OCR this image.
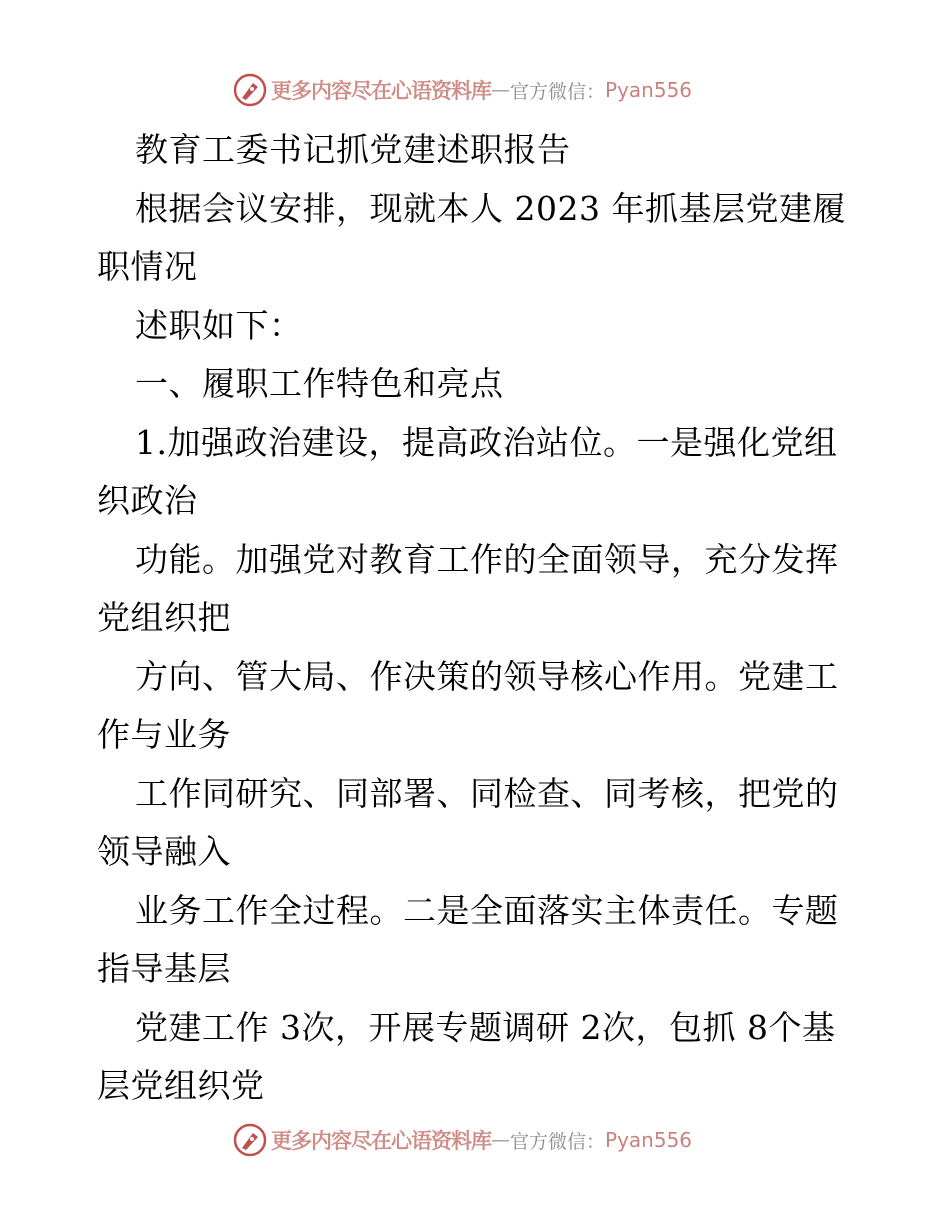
更多内容尽在心语资料库 — 官方微信： Pyan556

教育工委书记抓党建述职报告

根据会议安排，现就本人 2023 年抓基层党建履职情况

述职如下：

一、履职工作特色和亮点

1.加强政治建设，提高政治站位。一是强化党组织政治

功能。加强党对教育工作的全面领导，充分发挥党组织把

方向、管大局、作决策的领导核心作用。党建工作与业务

工作同研究、同部署、同检查、同考核，把党的领导融入

业务工作全过程。二是全面落实主体责任。专题指导基层

党建工作 3次，开展专题调研 2次，包抓 8个基层党组织党

更多内容尽在心语资料库 — 官方微信： Pyan556
